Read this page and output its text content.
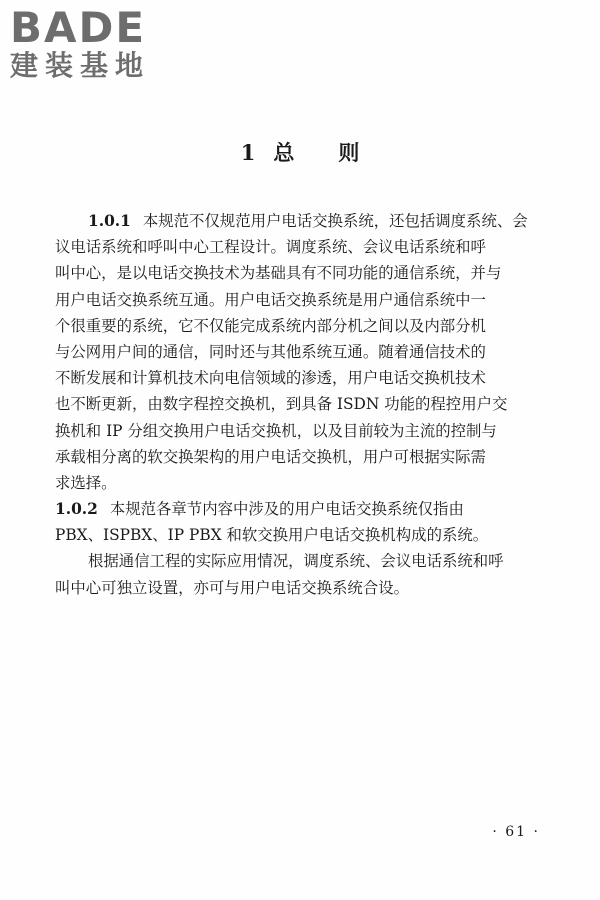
BADE
建装基地
1 总 则
1.0.1 本规范不仅规范用户电话交换系统，还包括调度系统、会
议电话系统和呼叫中心工程设计。调度系统、会议电话系统和呼
叫中心，是以电话交换技术为基础具有不同功能的通信系统，并与
用户电话交换系统互通。用户电话交换系统是用户通信系统中一
个很重要的系统，它不仅能完成系统内部分机之间以及内部分机
与公网用户间的通信，同时还与其他系统互通。随着通信技术的
不断发展和计算机技术向电信领域的渗透，用户电话交换机技术
也不断更新，由数字程控交换机，到具备 ISDN 功能的程控用户交
换机和 IP 分组交换用户电话交换机，以及目前较为主流的控制与
承载相分离的软交换架构的用户电话交换机，用户可根据实际需
求选择。
1.0.2 本规范各章节内容中涉及的用户电话交换系统仅指由
PBX、ISPBX、IP PBX 和软交换用户电话交换机构成的系统。
根据通信工程的实际应用情况，调度系统、会议电话系统和呼
叫中心可独立设置，亦可与用户电话交换系统合设。
· 61 ·
